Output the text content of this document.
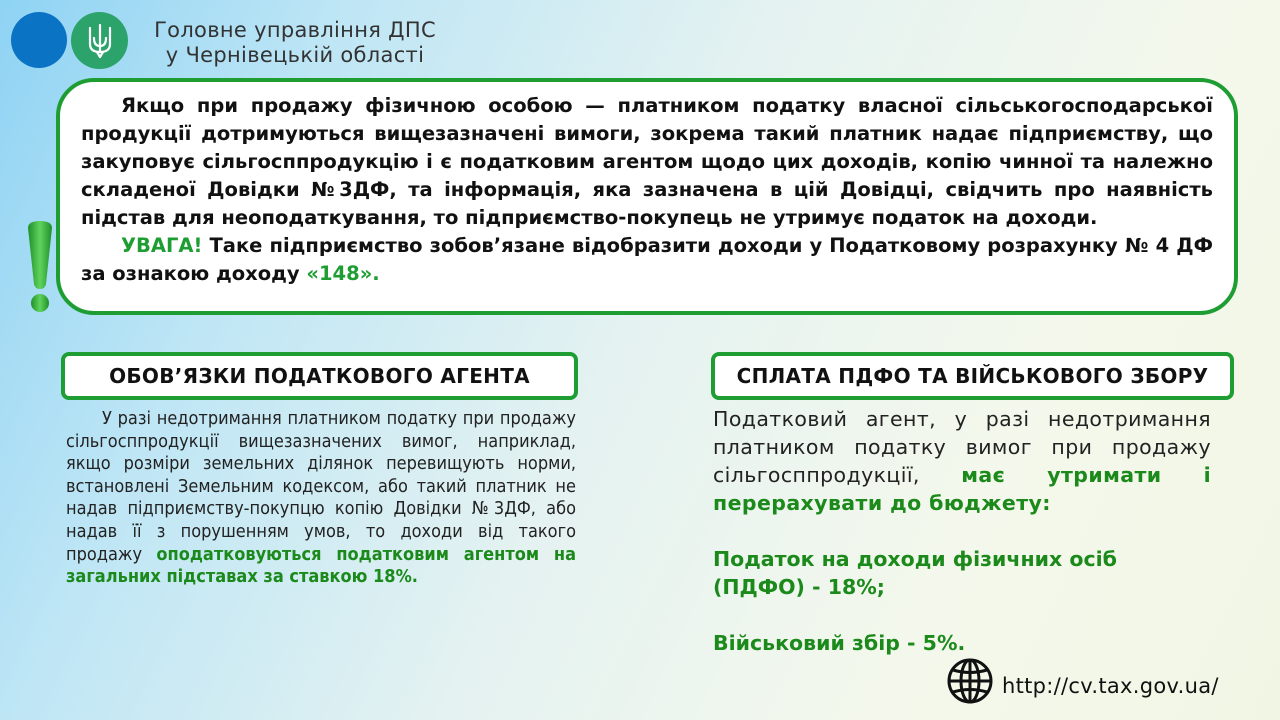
Головне управління ДПС
у Чернівецькій області

Якщо при продажу фізичною особою — платником податку власної сільськогосподарської продукції дотримуються вищезазначені вимоги, зокрема такий платник надає підприємству, що закуповує сільгосппродукцію і є податковим агентом щодо цих доходів, копію чинної та належно складеної Довідки №3ДФ, та інформація, яка зазначена в цій Довідці, свідчить про наявність підстав для неоподаткування, то підприємство-покупець не утримує податок на доходи.

УВАГА! Таке підприємство зобов’язане відобразити доходи у Податковому розрахунку № 4 ДФ за ознакою доходу «148».

ОБОВ’ЯЗКИ ПОДАТКОВОГО АГЕНТА

У разі недотримання платником податку при продажу сільгосппродукції вищезазначених вимог, наприклад, якщо розміри земельних ділянок перевищують норми, встановлені Земельним кодексом, або такий платник не надав підприємству-покупцю копію Довідки №3ДФ, або надав її з порушенням умов, то доходи від такого продажу оподатковуються податковим агентом на загальних підставах за ставкою 18%.

СПЛАТА ПДФО ТА ВІЙСЬКОВОГО ЗБОРУ

Податковий агент, у разі недотримання платником податку вимог при продажу сільгосппродукції, має утримати і перерахувати до бюджету:

Податок на доходи фізичних осіб (ПДФО) - 18%;
Військовий збір - 5%.
http://cv.tax.gov.ua/
